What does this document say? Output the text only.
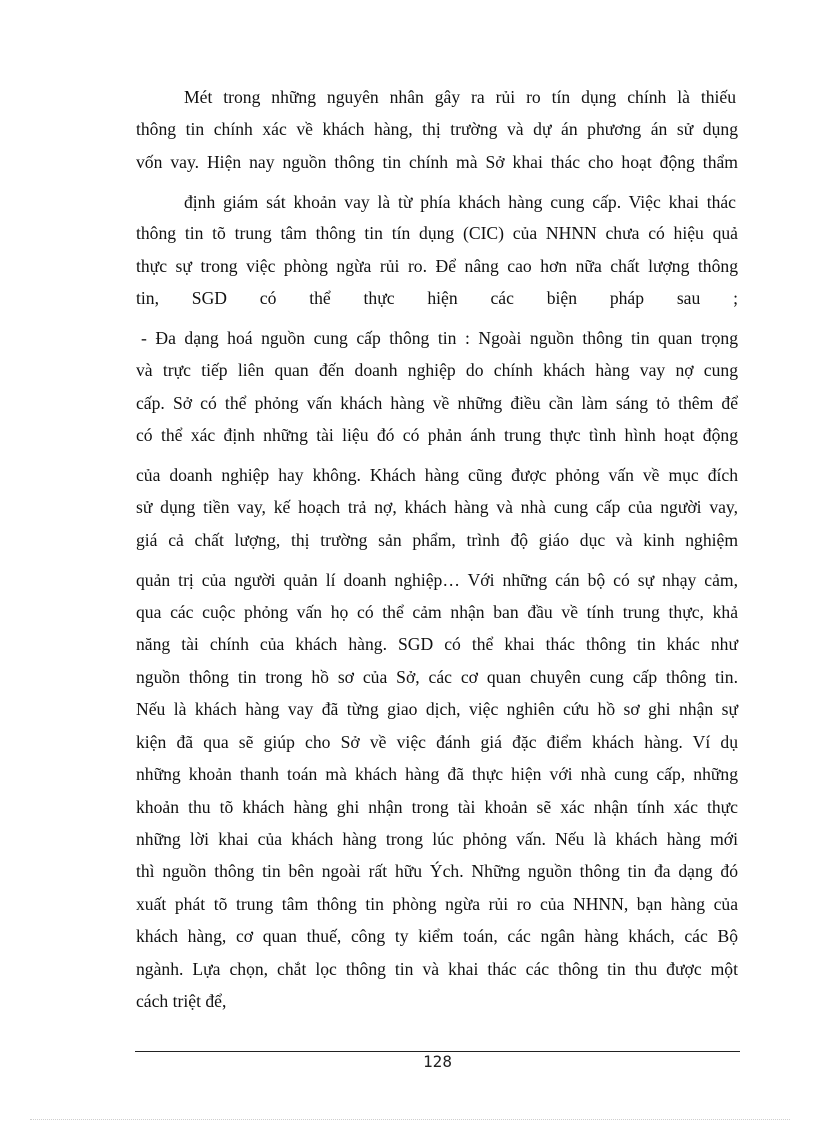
Mét trong những nguyên nhân gây ra rủi ro tín dụng chính là thiếu
thông tin chính xác về khách hàng, thị trường và dự án phương án sử dụng
vốn vay. Hiện nay nguồn thông tin chính mà Sở khai thác cho hoạt động thẩm
định giám sát khoản vay là từ phía khách hàng cung cấp. Việc khai thác
thông tin tõ trung tâm thông tin tín dụng (CIC) của NHNN chưa có hiệu quả
thực sự trong việc phòng ngừa rủi ro. Để nâng cao hơn nữa chất lượng thông
tin, SGD có thể thực hiện các biện pháp sau ;
- Đa dạng hoá nguồn cung cấp thông tin : Ngoài nguồn thông tin quan trọng
và trực tiếp liên quan đến doanh nghiệp do chính khách hàng vay nợ cung
cấp. Sở có thể phỏng vấn khách hàng về những điều cần làm sáng tỏ thêm để
có thể xác định những tài liệu đó có phản ánh trung thực tình hình hoạt động
của doanh nghiệp hay không. Khách hàng cũng được phỏng vấn về mục đích
sử dụng tiền vay, kế hoạch trả nợ, khách hàng và nhà cung cấp của người vay,
giá cả chất lượng, thị trường sản phẩm, trình độ giáo dục và kinh nghiệm
quản trị của người quản lí doanh nghiệp… Với những cán bộ có sự nhạy cảm,
qua các cuộc phỏng vấn họ có thể cảm nhận ban đầu về tính trung thực, khả
năng tài chính của khách hàng. SGD có thể khai thác thông tin khác như
nguồn thông tin trong hồ sơ của Sở, các cơ quan chuyên cung cấp thông tin.
Nếu là khách hàng vay đã từng giao dịch, việc nghiên cứu hồ sơ ghi nhận sự
kiện đã qua sẽ giúp cho Sở về việc đánh giá đặc điểm khách hàng. Ví dụ
những khoản thanh toán mà khách hàng đã thực hiện với nhà cung cấp, những
khoản thu tõ khách hàng ghi nhận trong tài khoản sẽ xác nhận tính xác thực
những lời khai của khách hàng trong lúc phỏng vấn. Nếu là khách hàng mới
thì nguồn thông tin bên ngoài rất hữu Ých. Những nguồn thông tin đa dạng đó
xuất phát tõ trung tâm thông tin phòng ngừa rủi ro của NHNN, bạn hàng của
khách hàng, cơ quan thuế, công ty kiểm toán, các ngân hàng khách, các Bộ
ngành. Lựa chọn, chắt lọc thông tin và khai thác các thông tin thu được một
cách triệt để,
128
